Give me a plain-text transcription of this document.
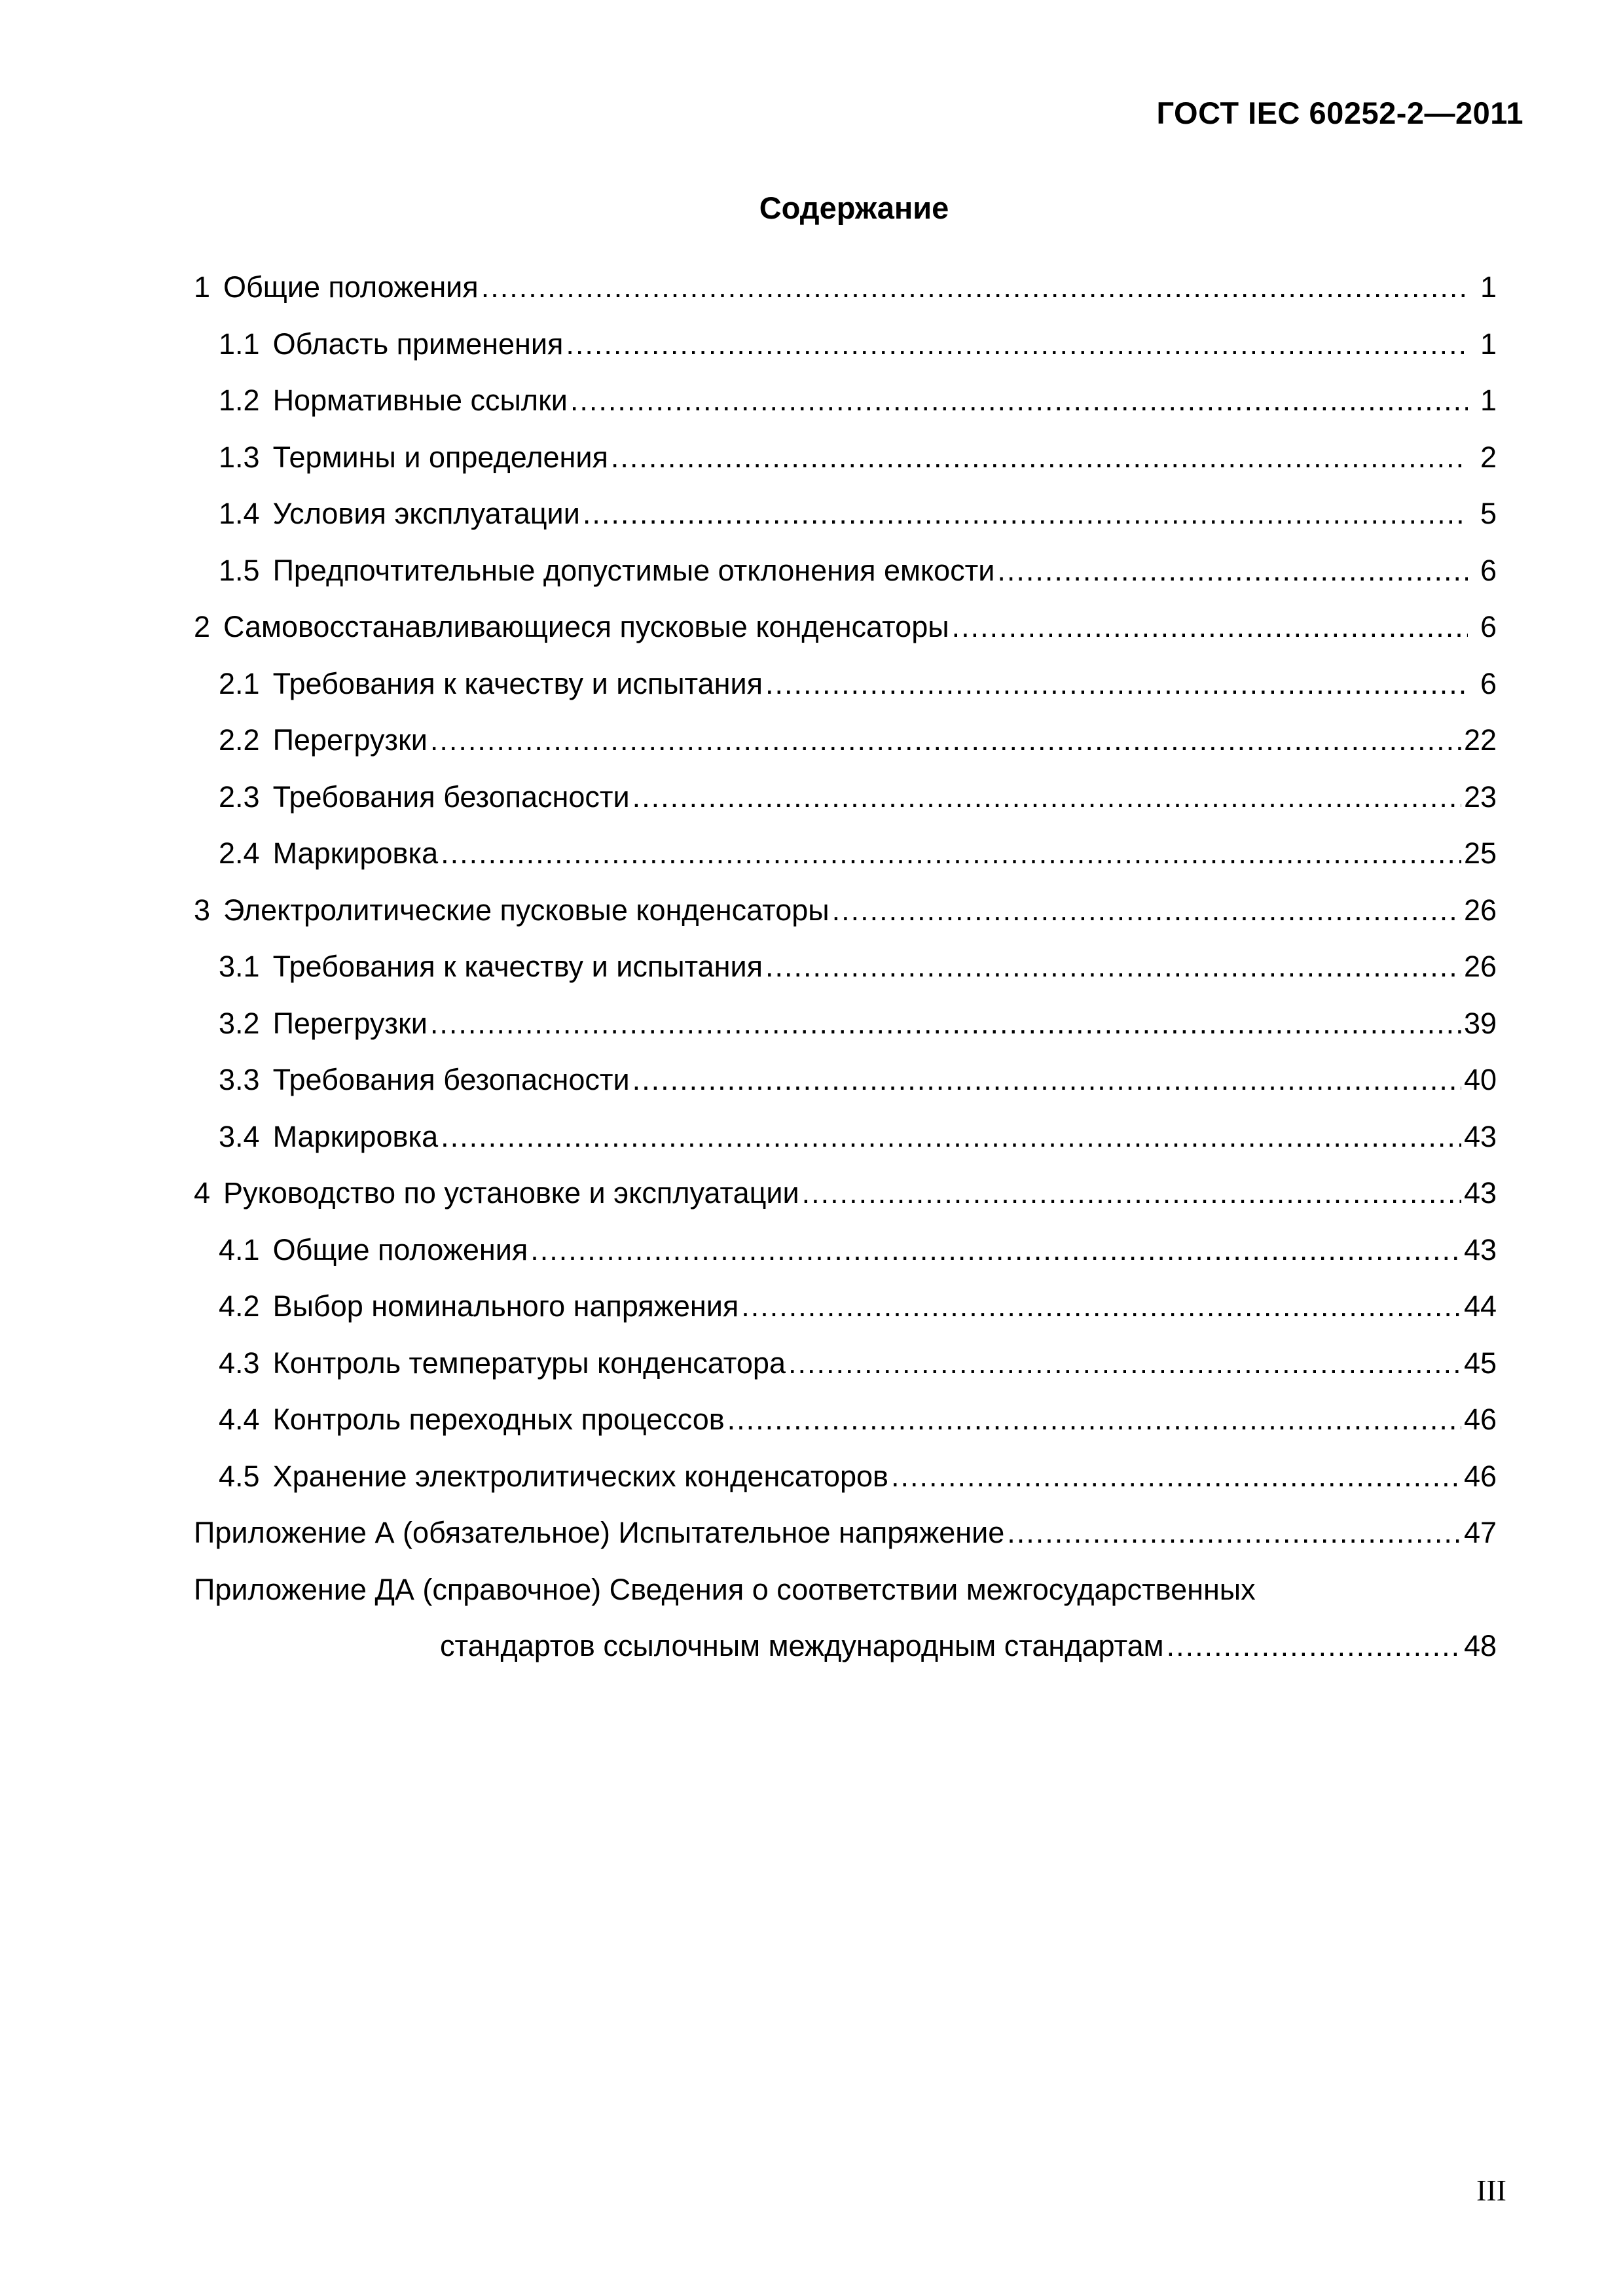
ГОСТ IEC 60252-2—2011
Содержание
1 Общие положения .....	1
1.1 Область применения .....	1
1.2 Нормативные ссылки .....	1
1.3 Термины и определения .....	2
1.4 Условия эксплуатации .....	5
1.5 Предпочтительные допустимые отклонения емкости .....	6
2 Самовосстанавливающиеся пусковые конденсаторы .....	6
2.1 Требования к качеству и испытания .....	6
2.2 Перегрузки .....	22
2.3 Требования безопасности .....	23
2.4 Маркировка .....	25
3 Электролитические пусковые конденсаторы .....	26
3.1 Требования к качеству и испытания .....	26
3.2 Перегрузки .....	39
3.3 Требования безопасности .....	40
3.4 Маркировка .....	43
4 Руководство по установке и эксплуатации .....	43
4.1 Общие положения .....	43
4.2 Выбор номинального напряжения .....	44
4.3 Контроль температуры конденсатора .....	45
4.4 Контроль переходных процессов .....	46
4.5 Хранение электролитических конденсаторов .....	46
Приложение А (обязательное) Испытательное напряжение .....	47
Приложение ДА (справочное) Сведения о соответствии межгосударственных
стандартов ссылочным международным стандартам .....	48
III
